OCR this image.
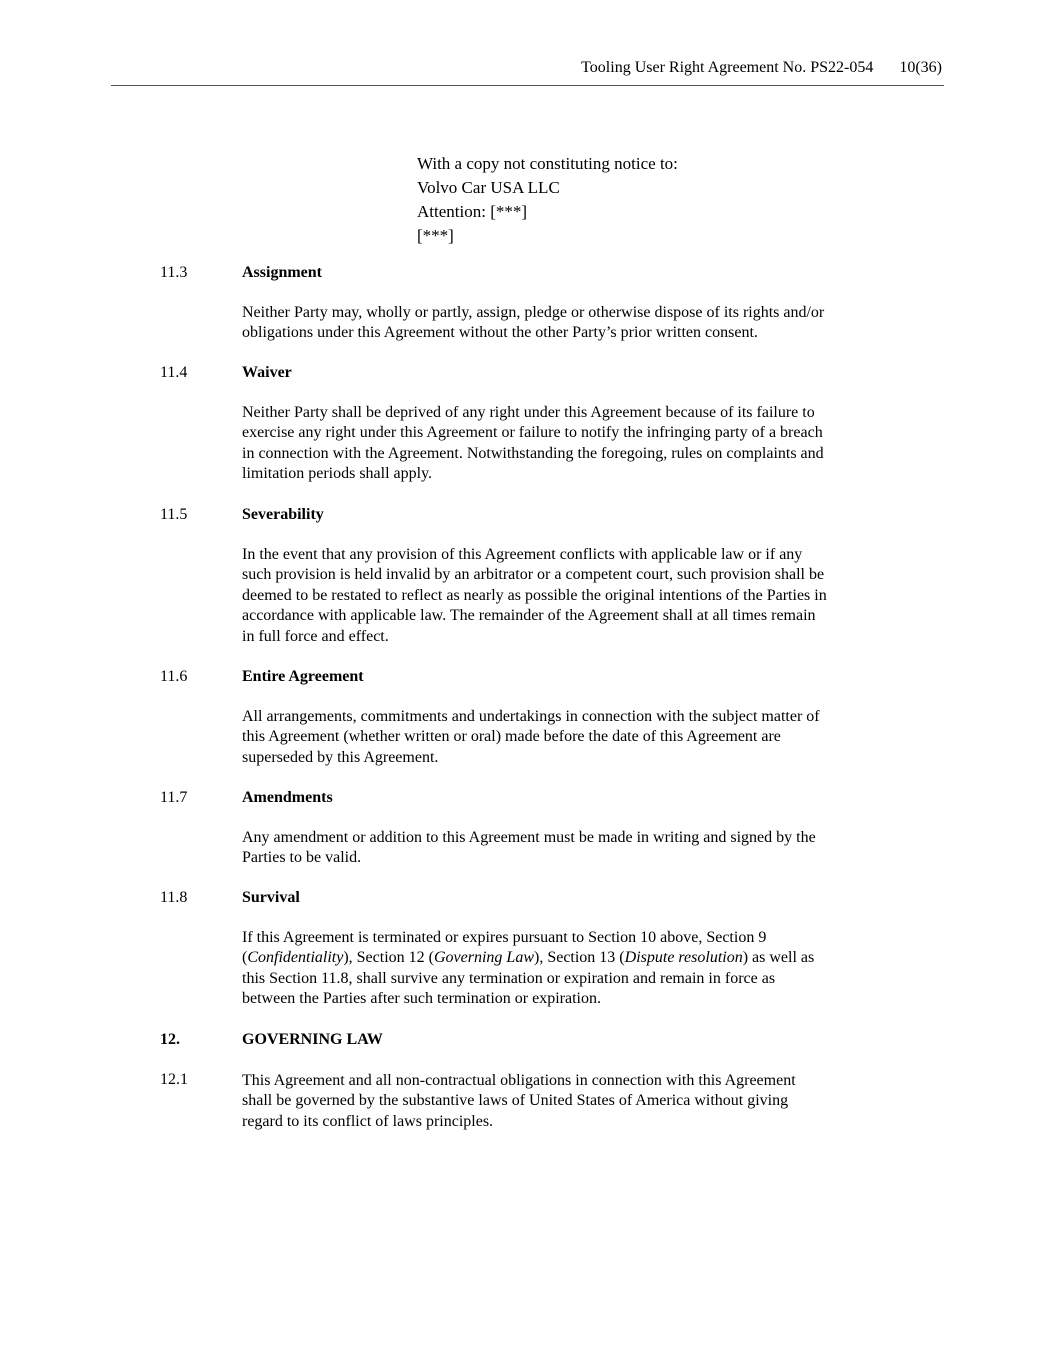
Tooling User Right Agreement No. PS22-054 10(36)
With a copy not constituting notice to:
Volvo Car USA LLC
Attention: [***]
[***]
11.3	Assignment
Neither Party may, wholly or partly, assign, pledge or otherwise dispose of its rights and/or
obligations under this Agreement without the other Party’s prior written consent.
11.4	Waiver
Neither Party shall be deprived of any right under this Agreement because of its failure to
exercise any right under this Agreement or failure to notify the infringing party of a breach
in connection with the Agreement. Notwithstanding the foregoing, rules on complaints and
limitation periods shall apply.
11.5	Severability
In the event that any provision of this Agreement conflicts with applicable law or if any
such provision is held invalid by an arbitrator or a competent court, such provision shall be
deemed to be restated to reflect as nearly as possible the original intentions of the Parties in
accordance with applicable law. The remainder of the Agreement shall at all times remain
in full force and effect.
11.6	Entire Agreement
All arrangements, commitments and undertakings in connection with the subject matter of
this Agreement (whether written or oral) made before the date of this Agreement are
superseded by this Agreement.
11.7	Amendments
Any amendment or addition to this Agreement must be made in writing and signed by the
Parties to be valid.
11.8	Survival
If this Agreement is terminated or expires pursuant to Section 10 above, Section 9
(Confidentiality), Section 12 (Governing Law), Section 13 (Dispute resolution) as well as
this Section 11.8, shall survive any termination or expiration and remain in force as
between the Parties after such termination or expiration.
12.	GOVERNING LAW
12.1	This Agreement and all non-contractual obligations in connection with this Agreement
shall be governed by the substantive laws of United States of America without giving
regard to its conflict of laws principles.
